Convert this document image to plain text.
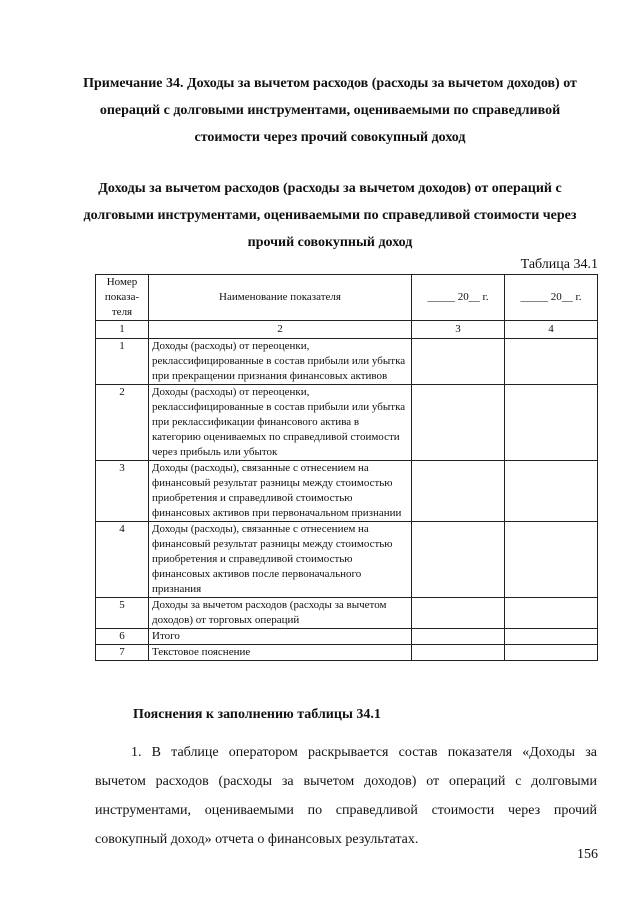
Примечание 34. Доходы за вычетом расходов (расходы за вычетом доходов) от операций с долговыми инструментами, оцениваемыми по справедливой стоимости через прочий совокупный доход

Доходы за вычетом расходов (расходы за вычетом доходов) от операций с долговыми инструментами, оцениваемыми по справедливой стоимости через прочий совокупный доход

Таблица 34.1

Номер показа-теля	Наименование показателя	_____ 20__ г.	_____ 20__ г.
1	2	3	4
1	Доходы (расходы) от переоценки, реклассифицированные в состав прибыли или убытка при прекращении признания финансовых активов		
2	Доходы (расходы) от переоценки, реклассифицированные в состав прибыли или убытка при реклассификации финансового актива в категорию оцениваемых по справедливой стоимости через прибыль или убыток		
3	Доходы (расходы), связанные с отнесением на финансовый результат разницы между стоимостью приобретения и справедливой стоимостью финансовых активов при первоначальном признании		
4	Доходы (расходы), связанные с отнесением на финансовый результат разницы между стоимостью приобретения и справедливой стоимостью финансовых активов после первоначального признания		
5	Доходы за вычетом расходов (расходы за вычетом доходов) от торговых операций		
6	Итого		
7	Текстовое пояснение		

Пояснения к заполнению таблицы 34.1

1. В таблице оператором раскрывается состав показателя «Доходы за вычетом расходов (расходы за вычетом доходов) от операций с долговыми инструментами, оцениваемыми по справедливой стоимости через прочий совокупный доход» отчета о финансовых результатах.

156
